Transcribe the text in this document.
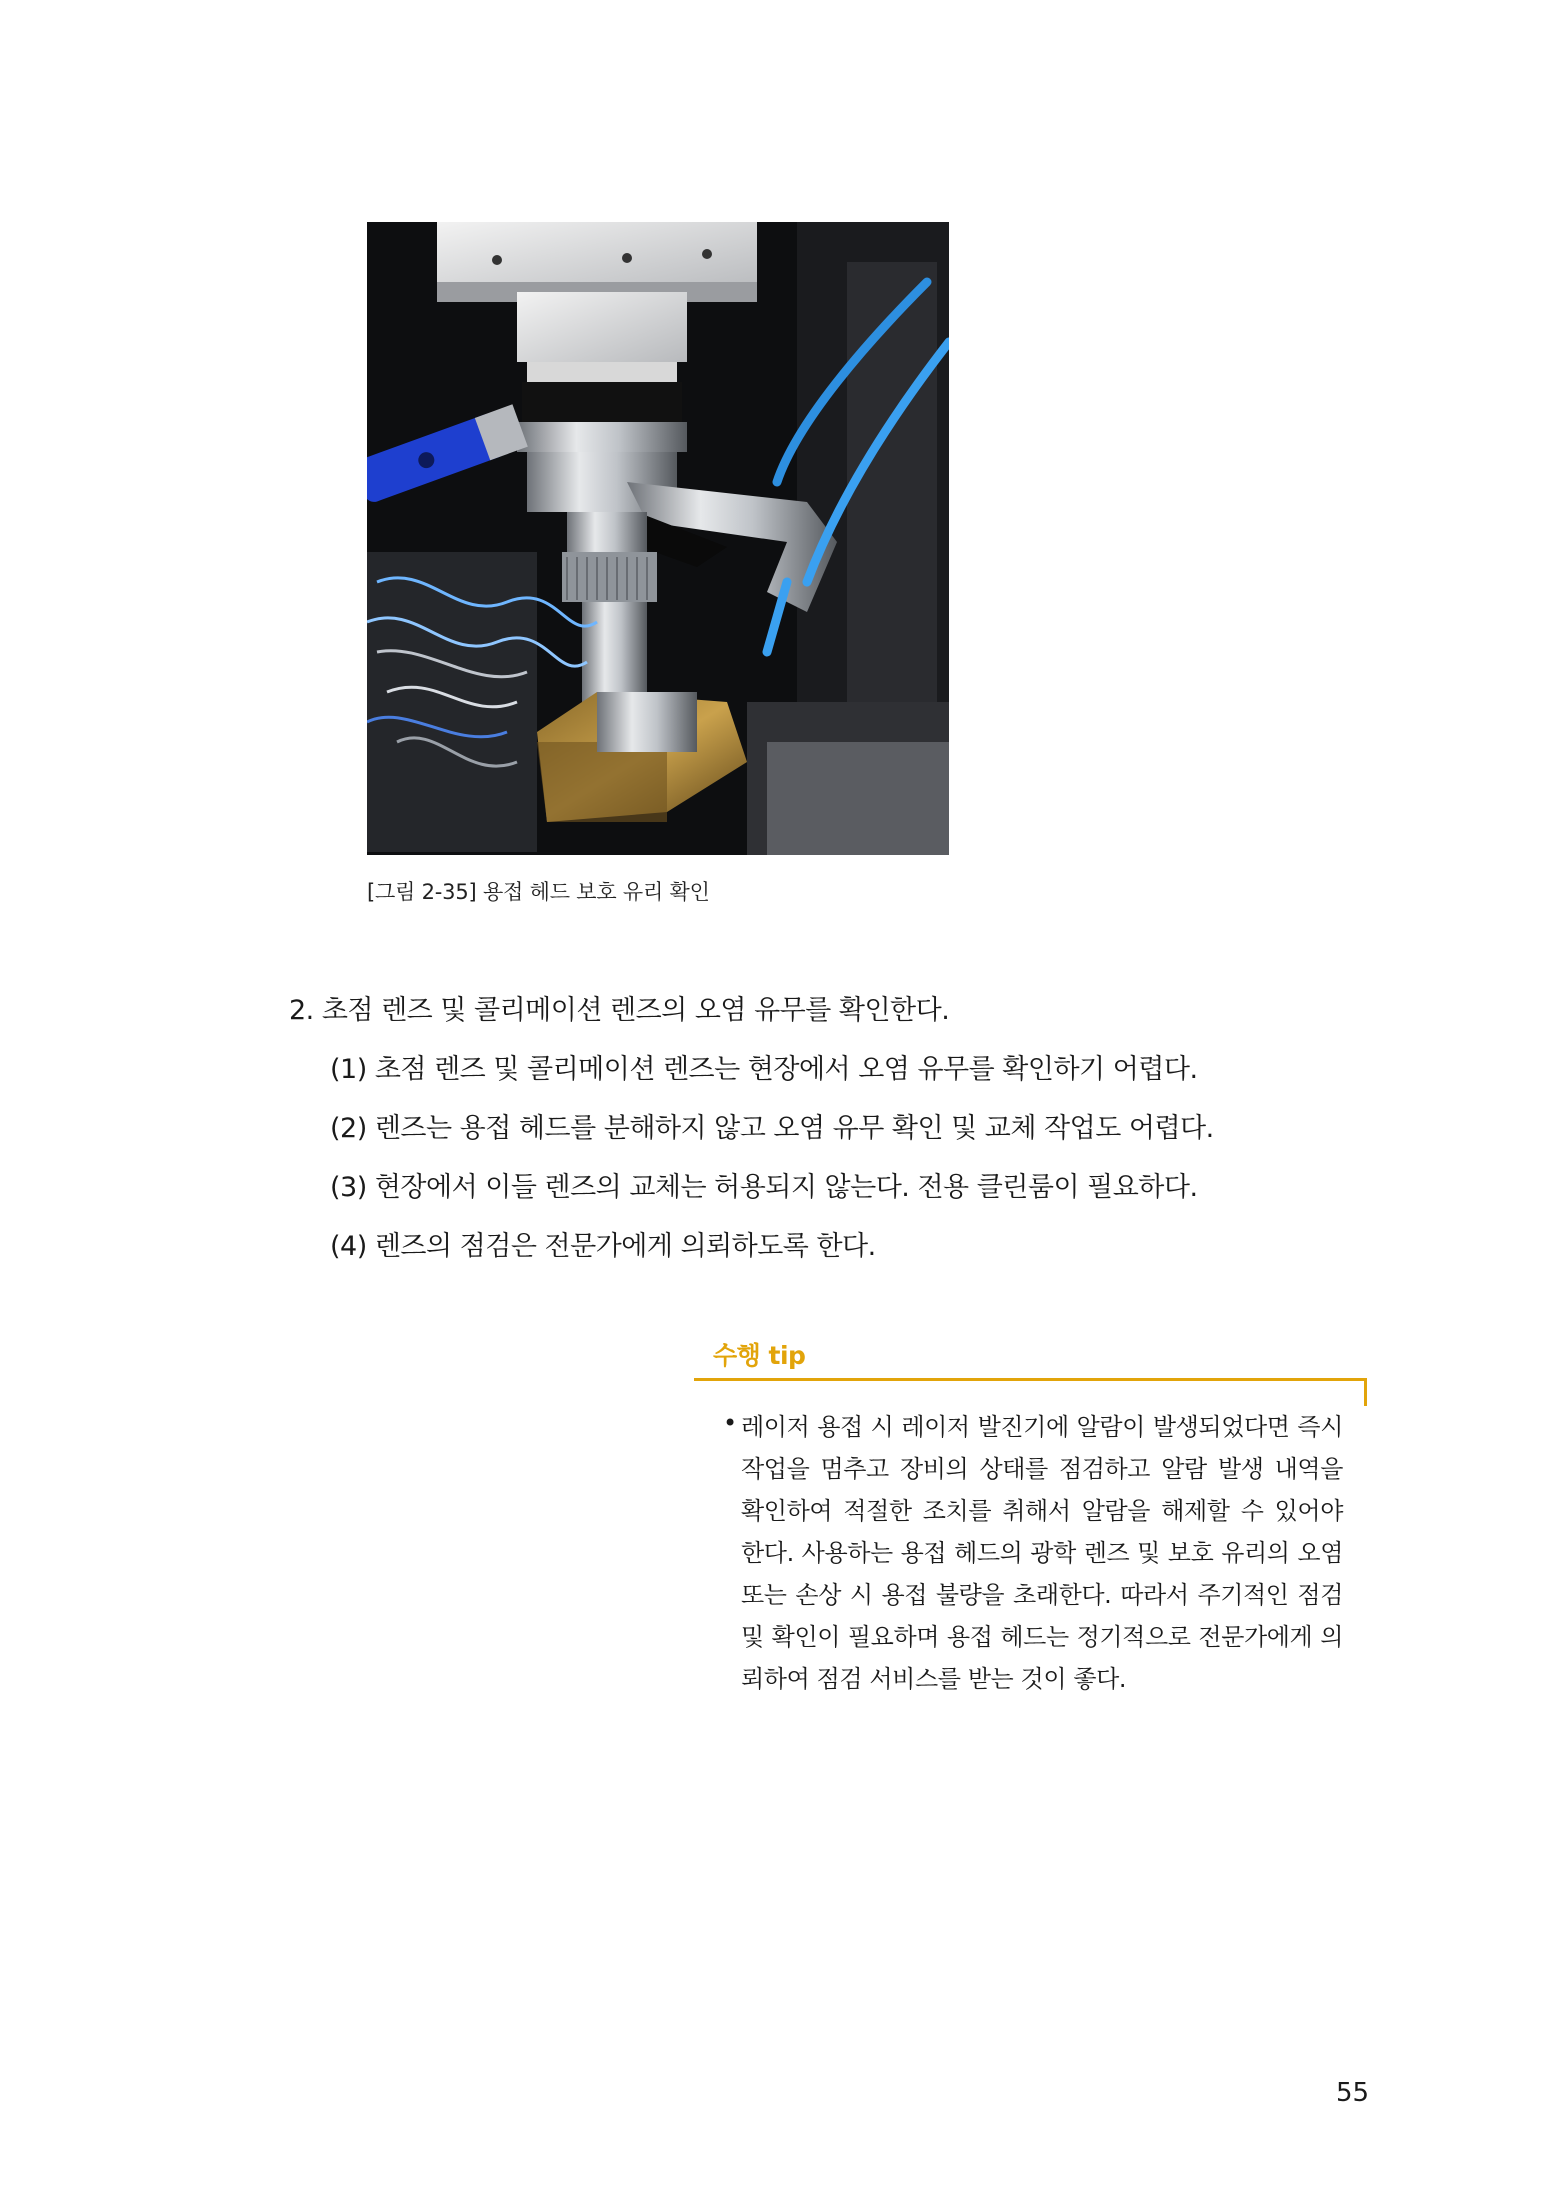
[그림 2-35] 용접 헤드 보호 유리 확인
2. 초점 렌즈 및 콜리메이션 렌즈의 오염 유무를 확인한다.
(1) 초점 렌즈 및 콜리메이션 렌즈는 현장에서 오염 유무를 확인하기 어렵다.
(2) 렌즈는 용접 헤드를 분해하지 않고 오염 유무 확인 및 교체 작업도 어렵다.
(3) 현장에서 이들 렌즈의 교체는 허용되지 않는다. 전용 클린룸이 필요하다.
(4) 렌즈의 점검은 전문가에게 의뢰하도록 한다.
수행 tip
• 레이저 용접 시 레이저 발진기에 알람이 발생되었다면 즉시 작업을 멈추고 장비의 상태를 점검하고 알람 발생 내역을 확인하여 적절한 조치를 취해서 알람을 해제할 수 있어야 한다. 사용하는 용접 헤드의 광학 렌즈 및 보호 유리의 오염 또는 손상 시 용접 불량을 초래한다. 따라서 주기적인 점검 및 확인이 필요하며 용접 헤드는 정기적으로 전문가에게 의뢰하여 점검 서비스를 받는 것이 좋다.
55
